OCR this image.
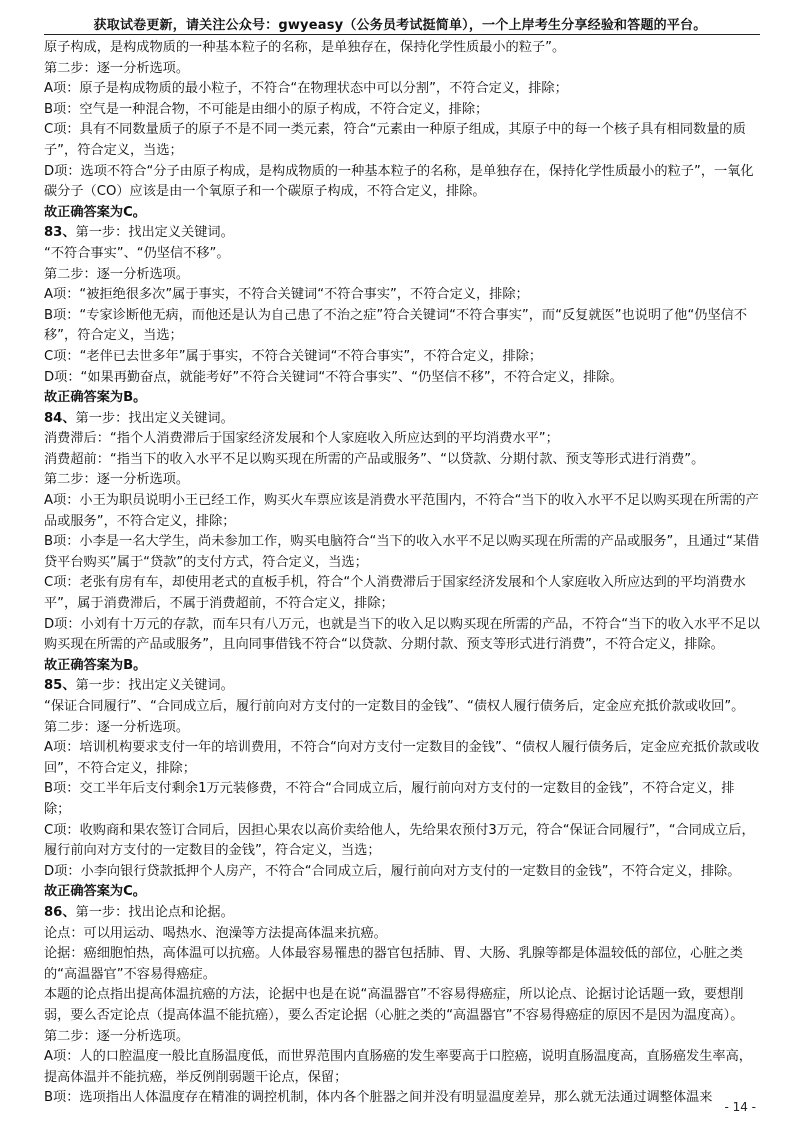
获取试卷更新，请关注公众号：gwyeasy（公务员考试挺简单），一个上岸考生分享经验和答题的平台。
原子构成，是构成物质的一种基本粒子的名称，是单独存在，保持化学性质最小的粒子”。
第二步：逐一分析选项。
A项：原子是构成物质的最小粒子，不符合“在物理状态中可以分割”，不符合定义，排除；
B项：空气是一种混合物，不可能是由细小的原子构成，不符合定义，排除；
C项：具有不同数量质子的原子不是不同一类元素，符合“元素由一种原子组成，其原子中的每一个核子具有相同数量的质子”，符合定义，当选；
D项：选项不符合“分子由原子构成，是构成物质的一种基本粒子的名称，是单独存在，保持化学性质最小的粒子”，一氧化碳分子（CO）应该是由一个氧原子和一个碳原子构成，不符合定义，排除。
故正确答案为C。
83、第一步：找出定义关键词。
“不符合事实”、“仍坚信不移”。
第二步：逐一分析选项。
A项：“被拒绝很多次”属于事实，不符合关键词“不符合事实”，不符合定义，排除；
B项：“专家诊断他无病，而他还是认为自己患了不治之症”符合关键词“不符合事实”，而“反复就医”也说明了他“仍坚信不移”，符合定义，当选；
C项：“老伴已去世多年”属于事实，不符合关键词“不符合事实”，不符合定义，排除；
D项：“如果再勤奋点，就能考好”不符合关键词“不符合事实”、“仍坚信不移”，不符合定义，排除。
故正确答案为B。
84、第一步：找出定义关键词。
消费滞后：“指个人消费滞后于国家经济发展和个人家庭收入所应达到的平均消费水平”；
消费超前：“指当下的收入水平不足以购买现在所需的产品或服务”、“以贷款、分期付款、预支等形式进行消费”。
第二步：逐一分析选项。
A项：小王为职员说明小王已经工作，购买火车票应该是消费水平范围内，不符合“当下的收入水平不足以购买现在所需的产品或服务”，不符合定义，排除；
B项：小李是一名大学生，尚未参加工作，购买电脑符合“当下的收入水平不足以购买现在所需的产品或服务”，且通过“某借贷平台购买”属于“贷款”的支付方式，符合定义，当选；
C项：老张有房有车，却使用老式的直板手机，符合“个人消费滞后于国家经济发展和个人家庭收入所应达到的平均消费水平”，属于消费滞后，不属于消费超前，不符合定义，排除；
D项：小刘有十万元的存款，而车只有八万元，也就是当下的收入足以购买现在所需的产品，不符合“当下的收入水平不足以购买现在所需的产品或服务”，且向同事借钱不符合“以贷款、分期付款、预支等形式进行消费”，不符合定义，排除。
故正确答案为B。
85、第一步：找出定义关键词。
“保证合同履行”、“合同成立后，履行前向对方支付的一定数目的金钱”、“债权人履行债务后，定金应充抵价款或收回”。
第二步：逐一分析选项。
A项：培训机构要求支付一年的培训费用，不符合“向对方支付一定数目的金钱”、“债权人履行债务后，定金应充抵价款或收回”，不符合定义，排除；
B项：交工半年后支付剩余1万元装修费，不符合“合同成立后，履行前向对方支付的一定数目的金钱”，不符合定义，排除；
C项：收购商和果农签订合同后，因担心果农以高价卖给他人，先给果农预付3万元，符合“保证合同履行”，“合同成立后，履行前向对方支付的一定数目的金钱”，符合定义，当选；
D项：小李向银行贷款抵押个人房产，不符合“合同成立后，履行前向对方支付的一定数目的金钱”，不符合定义，排除。
故正确答案为C。
86、第一步：找出论点和论据。
论点：可以用运动、喝热水、泡澡等方法提高体温来抗癌。
论据：癌细胞怕热，高体温可以抗癌。人体最容易罹患的器官包括肺、胃、大肠、乳腺等都是体温较低的部位，心脏之类的“高温器官”不容易得癌症。
本题的论点指出提高体温抗癌的方法，论据中也是在说“高温器官”不容易得癌症，所以论点、论据讨论话题一致，要想削弱，要么否定论点（提高体温不能抗癌），要么否定论据（心脏之类的“高温器官”不容易得癌症的原因不是因为温度高）。
第二步：逐一分析选项。
A项：人的口腔温度一般比直肠温度低，而世界范围内直肠癌的发生率要高于口腔癌，说明直肠温度高，直肠癌发生率高，提高体温并不能抗癌，举反例削弱题干论点，保留；
B项：选项指出人体温度存在精准的调控机制，体内各个脏器之间并没有明显温度差异，那么就无法通过调整体温来
- 14 -
